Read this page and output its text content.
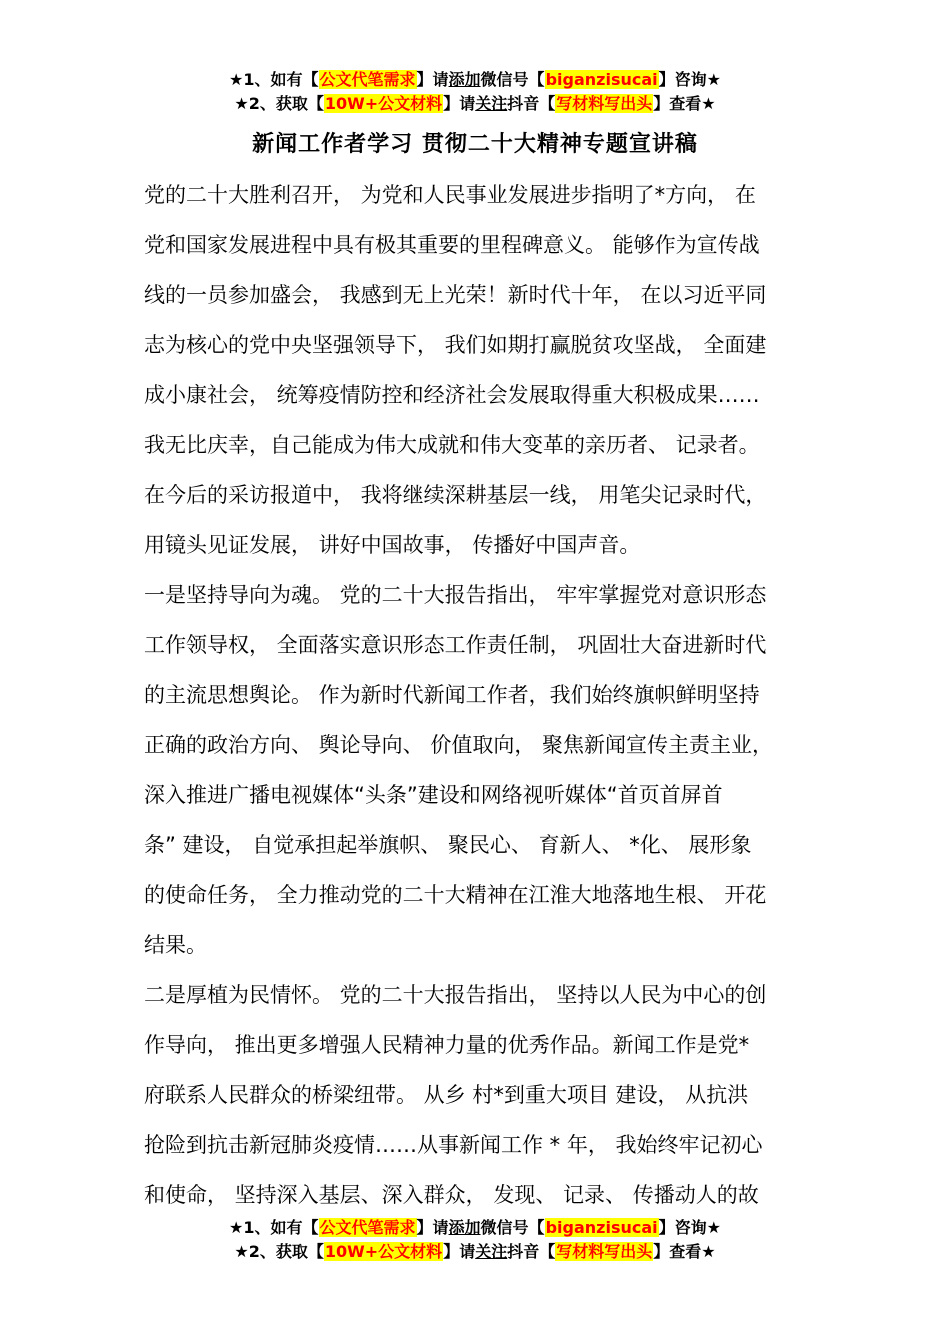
★1、如有【公文代笔需求】请添加微信号【biganzisucai】咨询★
★2、获取【10W+公文材料】请关注抖音【写材料写出头】查看★
新闻工作者学习 贯彻二十大精神专题宣讲稿
党的二十大胜利召开， 为党和人民事业发展进步指明了*方向， 在
党和国家发展进程中具有极其重要的里程碑意义。 能够作为宣传战
线的一员参加盛会， 我感到无上光荣！新时代十年， 在以习近平同
志为核心的党中央坚强领导下， 我们如期打赢脱贫攻坚战， 全面建
成小康社会， 统筹疫情防控和经济社会发展取得重大积极成果……
我无比庆幸，自己能成为伟大成就和伟大变革的亲历者、 记录者。
在今后的采访报道中， 我将继续深耕基层一线， 用笔尖记录时代，
用镜头见证发展， 讲好中国故事， 传播好中国声音。
一是坚持导向为魂。 党的二十大报告指出， 牢牢掌握党对意识形态
工作领导权， 全面落实意识形态工作责任制， 巩固壮大奋进新时代
的主流思想舆论。 作为新时代新闻工作者，我们始终旗帜鲜明坚持
正确的政治方向、 舆论导向、 价值取向， 聚焦新闻宣传主责主业，
深入推进广播电视媒体“头条”建设和网络视听媒体“首页首屏首
条” 建设， 自觉承担起举旗帜、 聚民心、 育新人、 *化、 展形象
的使命任务， 全力推动党的二十大精神在江淮大地落地生根、 开花
结果。
二是厚植为民情怀。 党的二十大报告指出， 坚持以人民为中心的创
作导向， 推出更多增强人民精神力量的优秀作品。新闻工作是党*
府联系人民群众的桥梁纽带。 从乡 村*到重大项目 建设， 从抗洪
抢险到抗击新冠肺炎疫情……从事新闻工作 * 年， 我始终牢记初心
和使命， 坚持深入基层、深入群众， 发现、 记录、 传播动人的故
★1、如有【公文代笔需求】请添加微信号【biganzisucai】咨询★
★2、获取【10W+公文材料】请关注抖音【写材料写出头】查看★
